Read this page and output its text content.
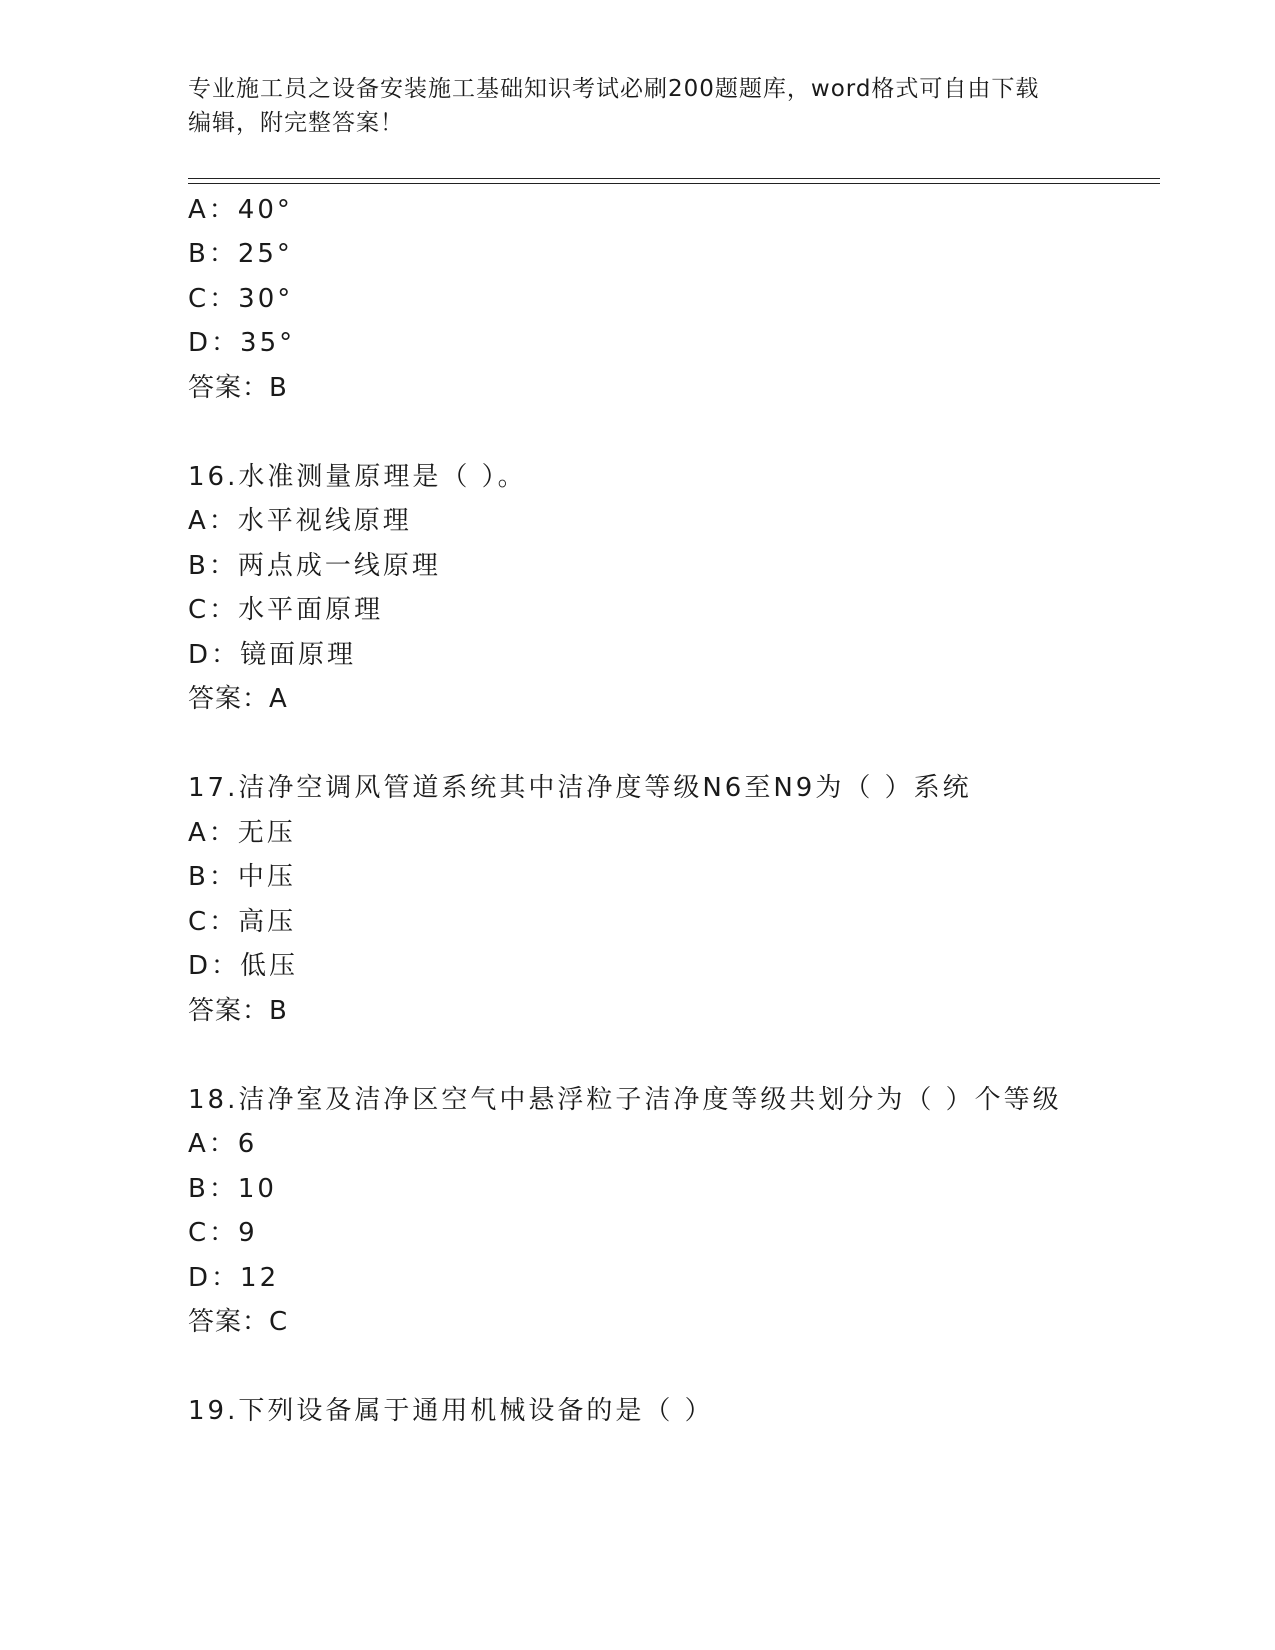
专业施工员之设备安装施工基础知识考试必刷200题题库，word格式可自由下载
编辑，附完整答案！
A：40°
B：25°
C：30°
D：35°
答案：B
16.水准测量原理是（ ）。
A：水平视线原理
B：两点成一线原理
C：水平面原理
D：镜面原理
答案：A
17.洁净空调风管道系统其中洁净度等级N6至N9为（ ）系统
A：无压
B：中压
C：高压
D：低压
答案：B
18.洁净室及洁净区空气中悬浮粒子洁净度等级共划分为（ ）个等级
A：6
B：10
C：9
D：12
答案：C
19.下列设备属于通用机械设备的是（ ）
